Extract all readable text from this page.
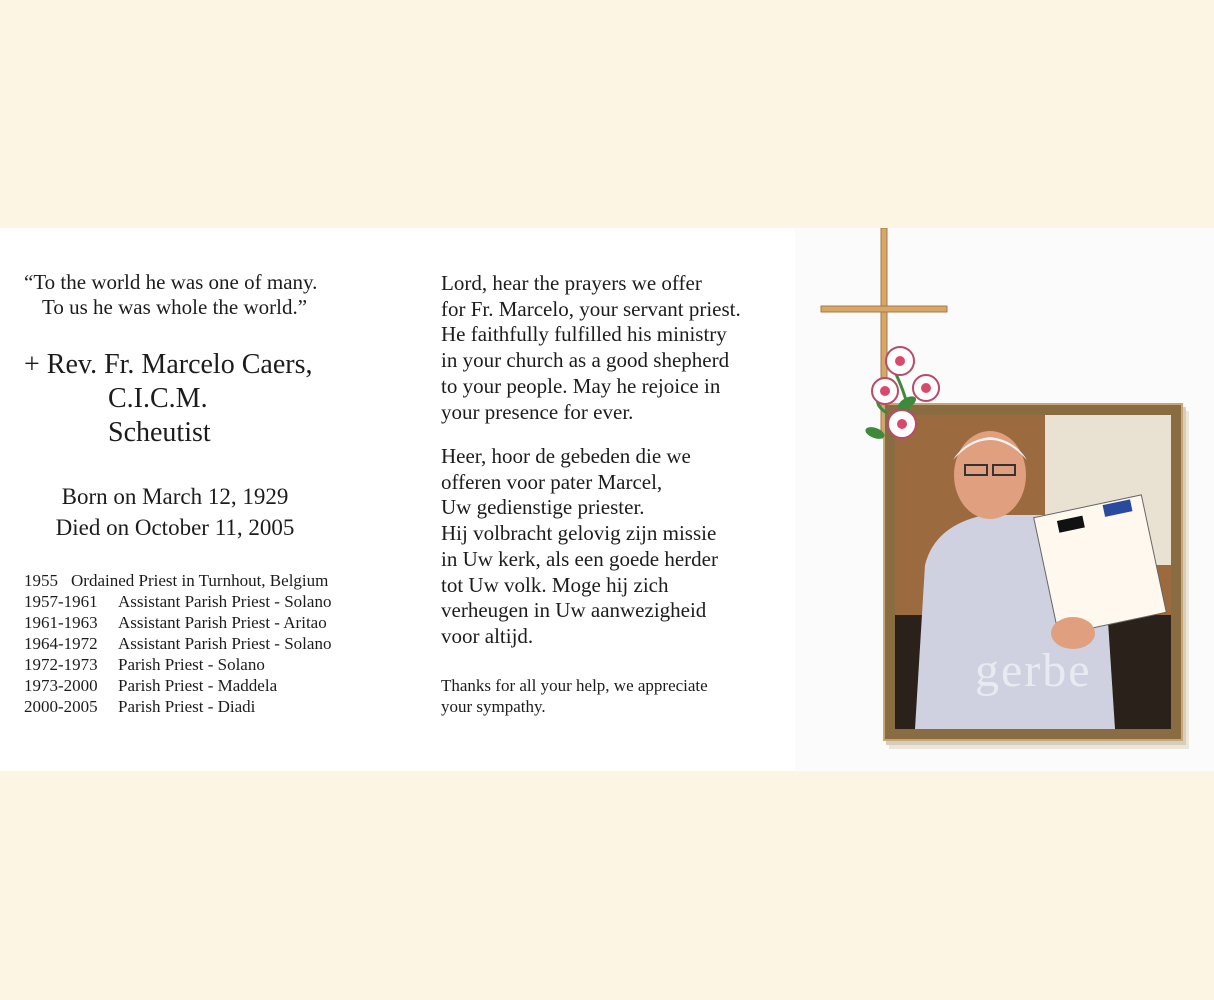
“To the world he was one of many.
To us he was whole the world.”
+ Rev. Fr. Marcelo Caers,
C.I.C.M.
Scheutist
Born on March 12, 1929
Died on October 11, 2005
1955 Ordained Priest in Turnhout, Belgium
1957-1961 Assistant Parish Priest - Solano
1961-1963 Assistant Parish Priest - Aritao
1964-1972 Assistant Parish Priest - Solano
1972-1973 Parish Priest - Solano
1973-2000 Parish Priest - Maddela
2000-2005 Parish Priest - Diadi
Lord, hear the prayers we offer
for Fr. Marcelo, your servant priest.
He faithfully fulfilled his ministry
in your church as a good shepherd
to your people. May he rejoice in
your presence for ever.
Heer, hoor de gebeden die we
offeren voor pater Marcel,
Uw gedienstige priester.
Hij volbracht gelovig zijn missie
in Uw kerk, als een goede herder
tot Uw volk. Moge hij zich
verheugen in Uw aanwezigheid
voor altijd.
Thanks for all your help, we appreciate
your sympathy.
gerbe
